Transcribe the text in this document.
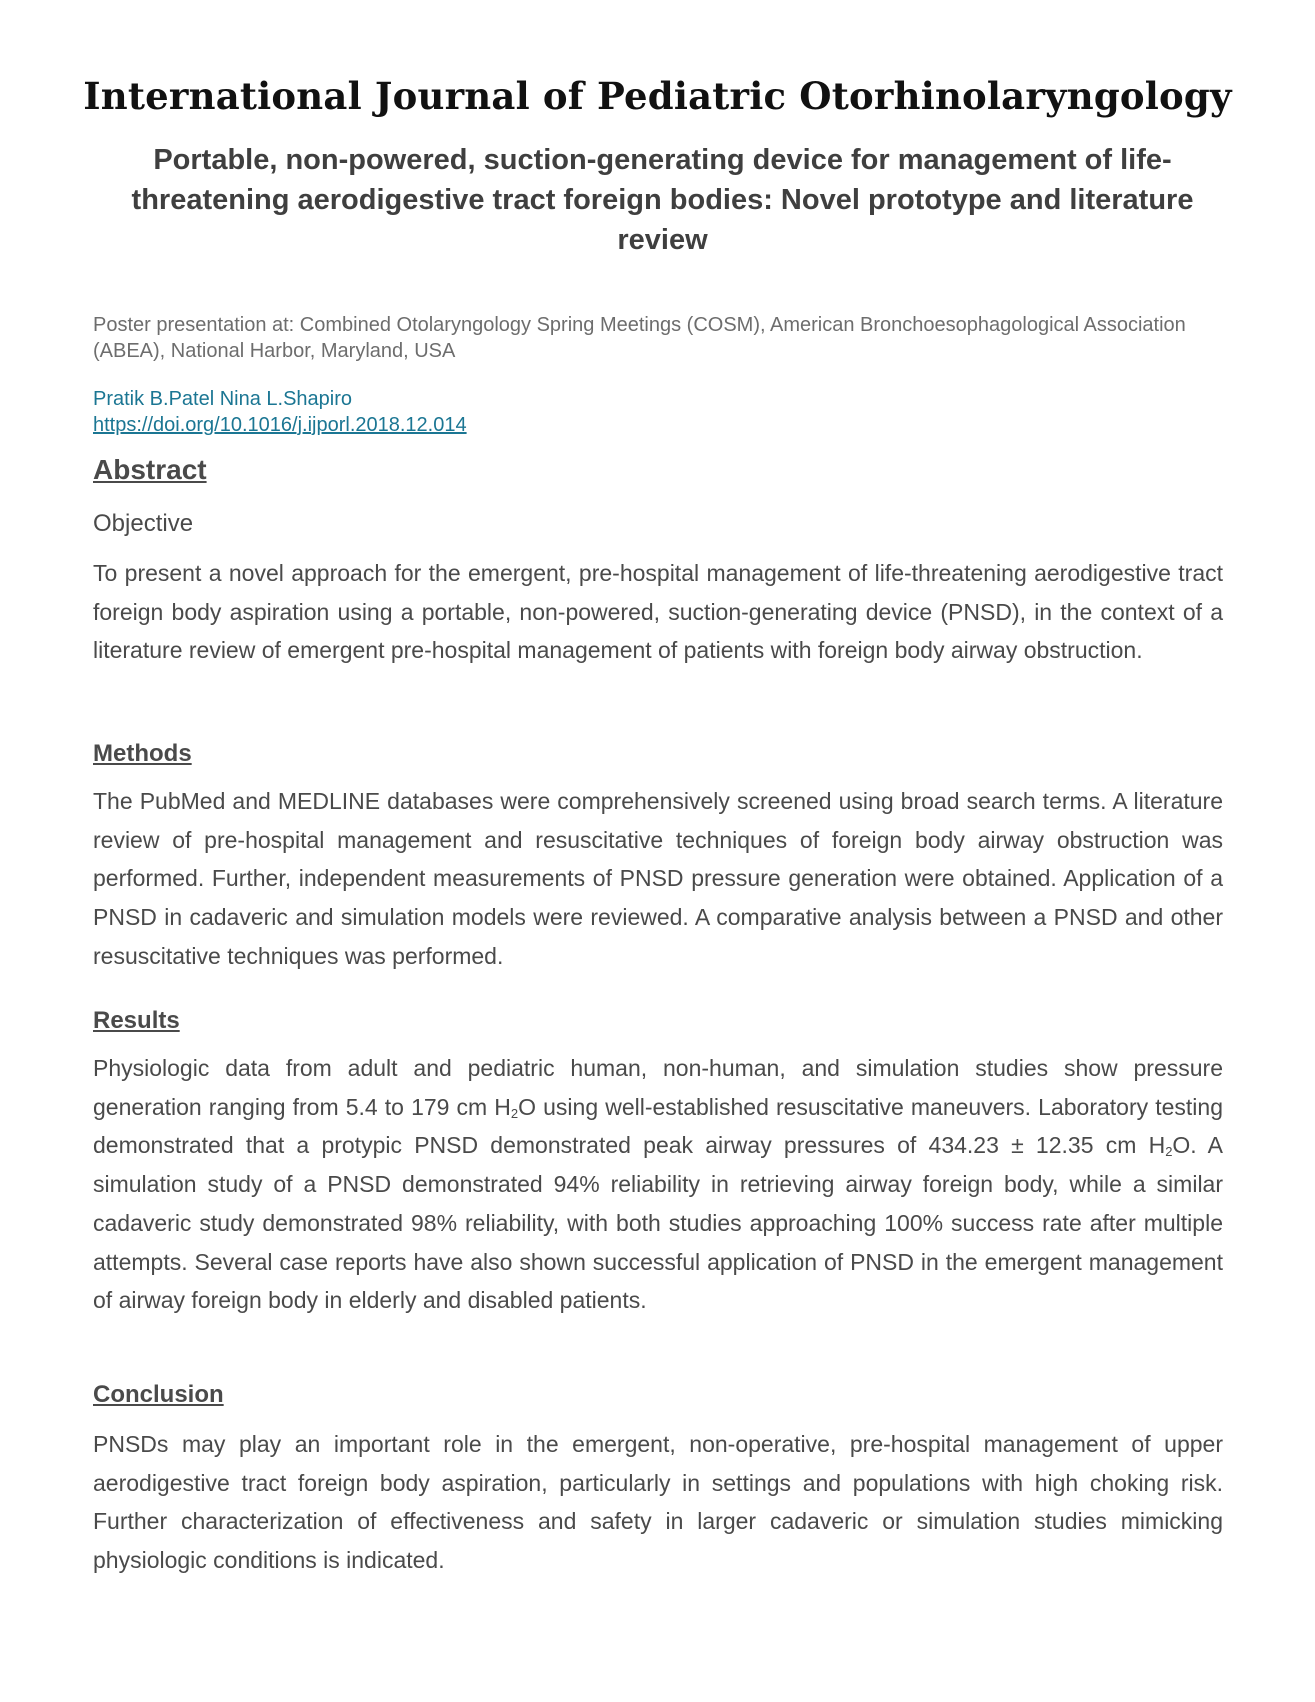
International Journal of Pediatric Otorhinolaryngology
Portable, non-powered, suction-generating device for management of life-threatening aerodigestive tract foreign bodies: Novel prototype and literature review

Poster presentation at: Combined Otolaryngology Spring Meetings (COSM), American Bronchoesophagological Association (ABEA), National Harbor, Maryland, USA

Pratik B.Patel Nina L.Shapiro

https://doi.org/10.1016/j.ijporl.2018.12.014
Abstract

Objective

To present a novel approach for the emergent, pre-hospital management of life-threatening aerodigestive tract foreign body aspiration using a portable, non-powered, suction-generating device (PNSD), in the context of a literature review of emergent pre-hospital management of patients with foreign body airway obstruction.

Methods

The PubMed and MEDLINE databases were comprehensively screened using broad search terms. A literature review of pre-hospital management and resuscitative techniques of foreign body airway obstruction was performed. Further, independent measurements of PNSD pressure generation were obtained. Application of a PNSD in cadaveric and simulation models were reviewed. A comparative analysis between a PNSD and other resuscitative techniques was performed.

Results

Physiologic data from adult and pediatric human, non-human, and simulation studies show pressure generation ranging from 5.4 to 179 cm $H_2O$ using well-established resuscitative maneuvers. Laboratory testing demonstrated that a protypic PNSD demonstrated peak airway pressures of 434.23 ± 12.35 cm $H_2O$. A simulation study of a PNSD demonstrated 94% reliability in retrieving airway foreign body, while a similar cadaveric study demonstrated 98% reliability, with both studies approaching 100% success rate after multiple attempts. Several case reports have also shown successful application of PNSD in the emergent management of airway foreign body in elderly and disabled patients.

Conclusion

PNSDs may play an important role in the emergent, non-operative, pre-hospital management of upper aerodigestive tract foreign body aspiration, particularly in settings and populations with high choking risk. Further characterization of effectiveness and safety in larger cadaveric or simulation studies mimicking physiologic conditions is indicated.
